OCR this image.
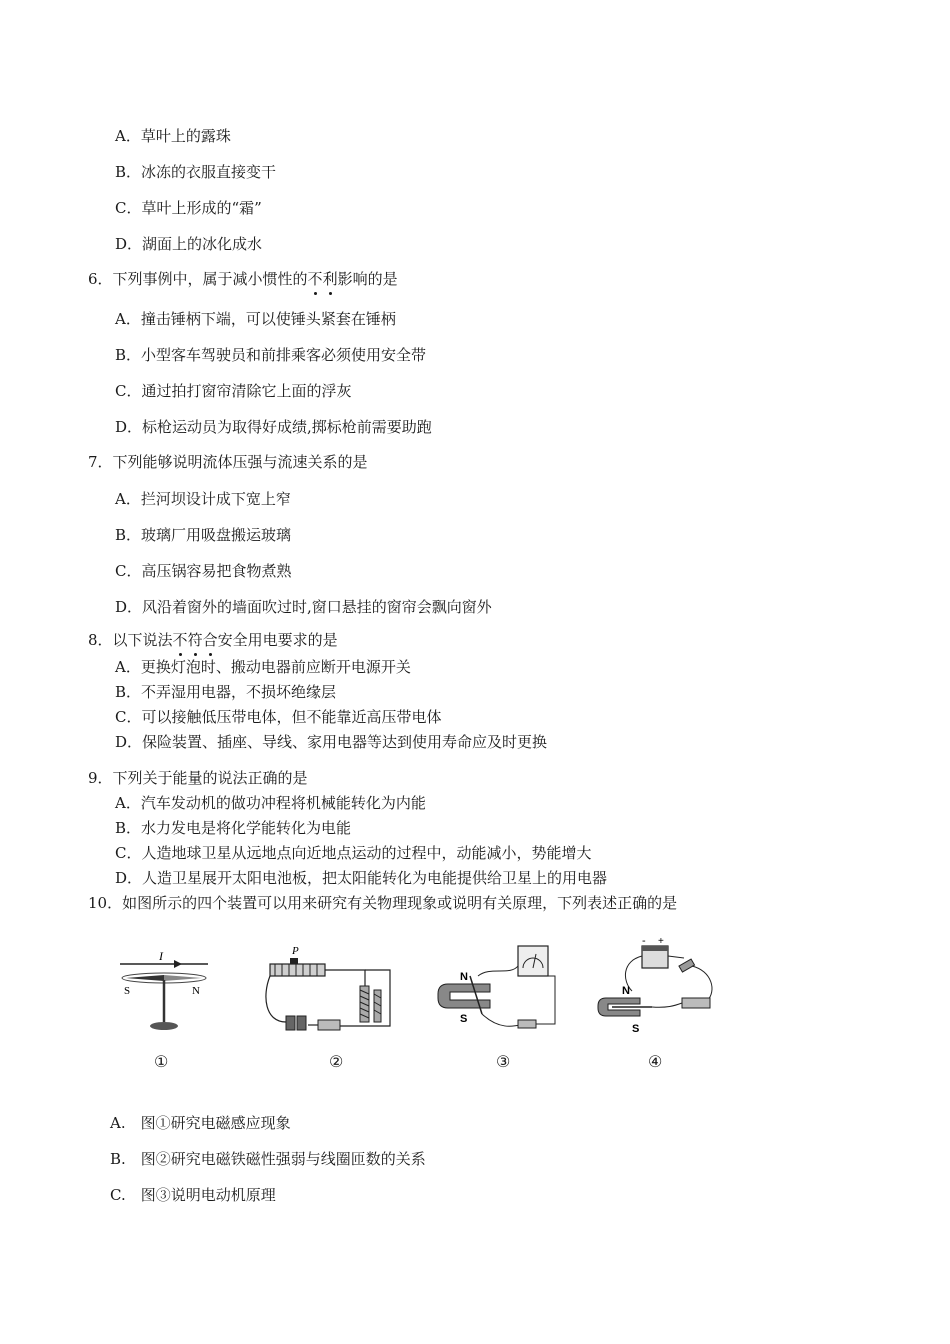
A．草叶上的露珠
B．冰冻的衣服直接变干
C．草叶上形成的“霜”
D．湖面上的冰化成水
6．下列事例中，属于减小惯性的不利影响的是
A．撞击锤柄下端，可以使锤头紧套在锤柄
B．小型客车驾驶员和前排乘客必须使用安全带
C．通过拍打窗帘清除它上面的浮灰
D．标枪运动员为取得好成绩,掷标枪前需要助跑
7．下列能够说明流体压强与流速关系的是
A．拦河坝设计成下宽上窄
B．玻璃厂用吸盘搬运玻璃
C．高压锅容易把食物煮熟
D．风沿着窗外的墙面吹过时,窗口悬挂的窗帘会飘向窗外
8．以下说法不符合安全用电要求的是
A．更换灯泡时、搬动电器前应断开电源开关
B．不弄湿用电器，不损坏绝缘层
C．可以接触低压带电体，但不能靠近高压带电体
D．保险装置、插座、导线、家用电器等达到使用寿命应及时更换
9．下列关于能量的说法正确的是
A．汽车发动机的做功冲程将机械能转化为内能
B．水力发电是将化学能转化为电能
C．人造地球卫星从远地点向近地点运动的过程中，动能减小，势能增大
D．人造卫星展开太阳电池板，把太阳能转化为电能提供给卫星上的用电器
10．如图所示的四个装置可以用来研究有关物理现象或说明有关原理，下列表述正确的是
I
S	N
P
N
S
- +
N
S
①	②	③	④
A.　图①研究电磁感应现象
B.　图②研究电磁铁磁性强弱与线圈匝数的关系
C.　图③说明电动机原理
